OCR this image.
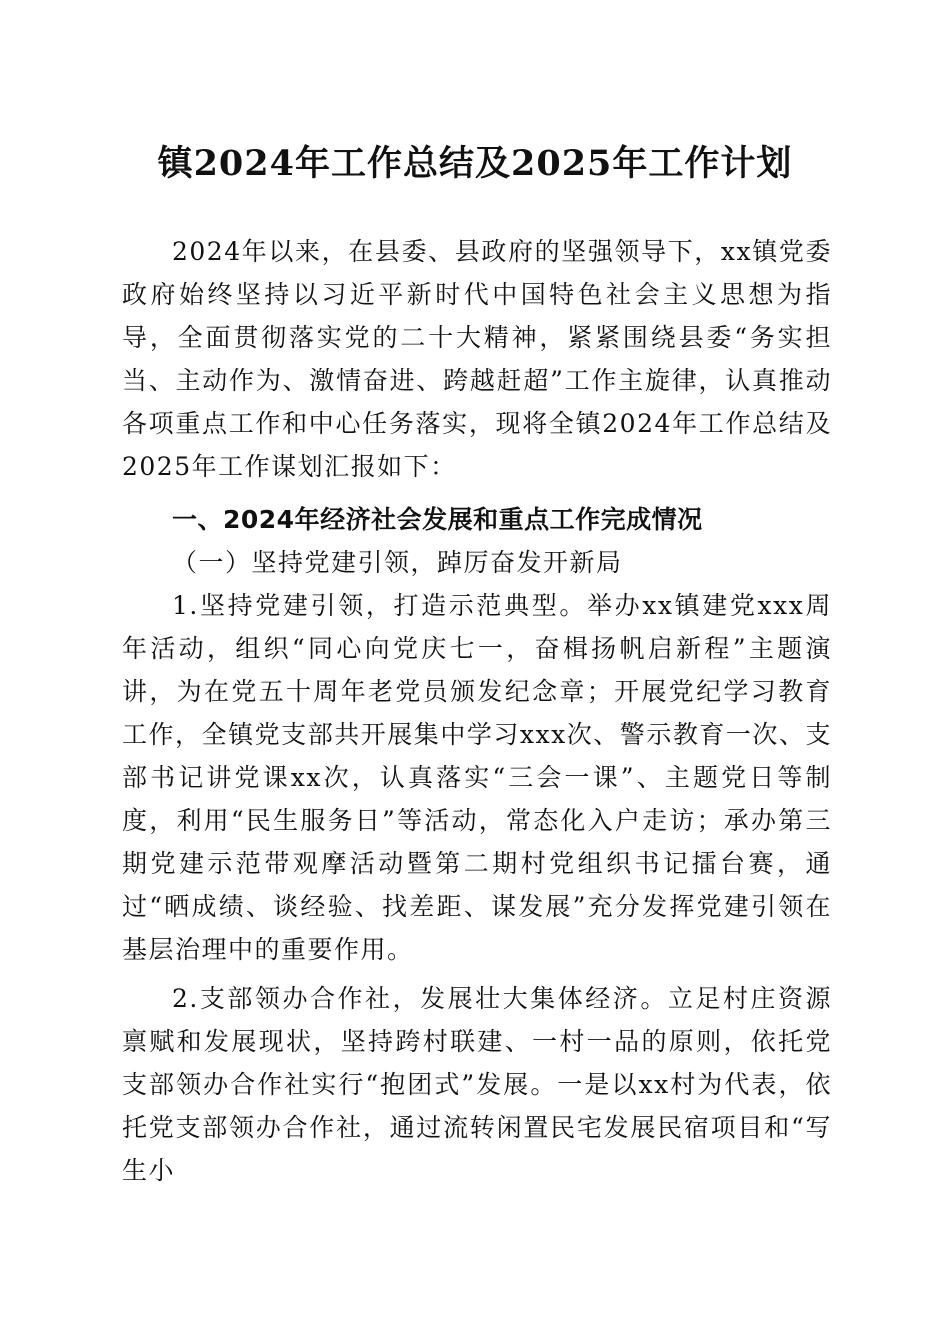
镇2024年工作总结及2025年工作计划

2024年以来，在县委、县政府的坚强领导下，xx镇党委政府始终坚持以习近平新时代中国特色社会主义思想为指导，全面贯彻落实党的二十大精神，紧紧围绕县委“务实担当、主动作为、激情奋进、跨越赶超”工作主旋律，认真推动各项重点工作和中心任务落实，现将全镇2024年工作总结及2025年工作谋划汇报如下：

一、2024年经济社会发展和重点工作完成情况
（一）坚持党建引领，踔厉奋发开新局

1.坚持党建引领，打造示范典型。举办xx镇建党xxx周年活动，组织“同心向党庆七一，奋楫扬帆启新程”主题演讲，为在党五十周年老党员颁发纪念章；开展党纪学习教育工作，全镇党支部共开展集中学习xxx次、警示教育一次、支部书记讲党课xx次，认真落实“三会一课”、主题党日等制度，利用“民生服务日”等活动，常态化入户走访；承办第三期党建示范带观摩活动暨第二期村党组织书记擂台赛，通过“晒成绩、谈经验、找差距、谋发展”充分发挥党建引领在基层治理中的重要作用。

2.支部领办合作社，发展壮大集体经济。立足村庄资源禀赋和发展现状，坚持跨村联建、一村一品的原则，依托党支部领办合作社实行“抱团式”发展。一是以xx村为代表，依托党支部领办合作社，通过流转闲置民宅发展民宿项目和“写生小
